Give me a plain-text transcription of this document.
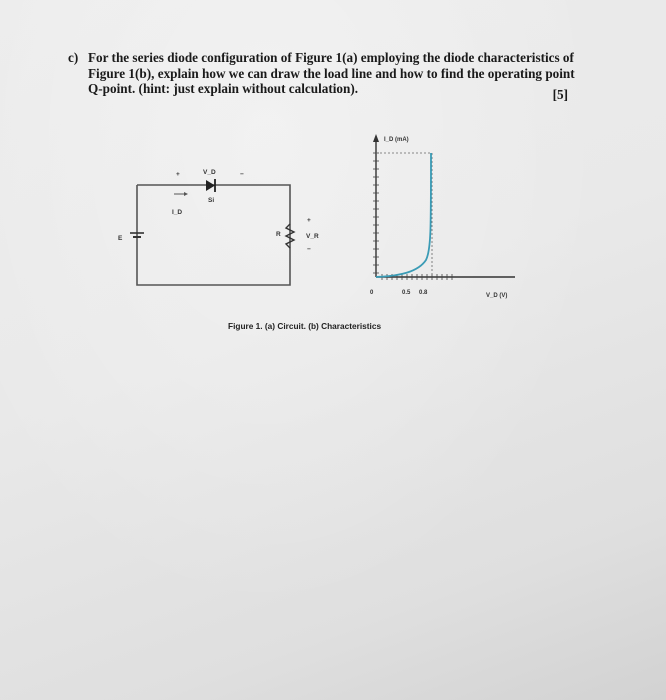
c) For the series diode configuration of Figure 1(a) employing the diode characteristics of
Figure 1(b), explain how we can draw the load line and how to find the operating point
Q-point. (hint: just explain without calculation).	[5]
E
Si
+	V_D	−
I_D
R
+
V_R
−
I_D (mA)
0	0.5 0.8	V_D (V)
Figure 1. (a) Circuit. (b) Characteristics
